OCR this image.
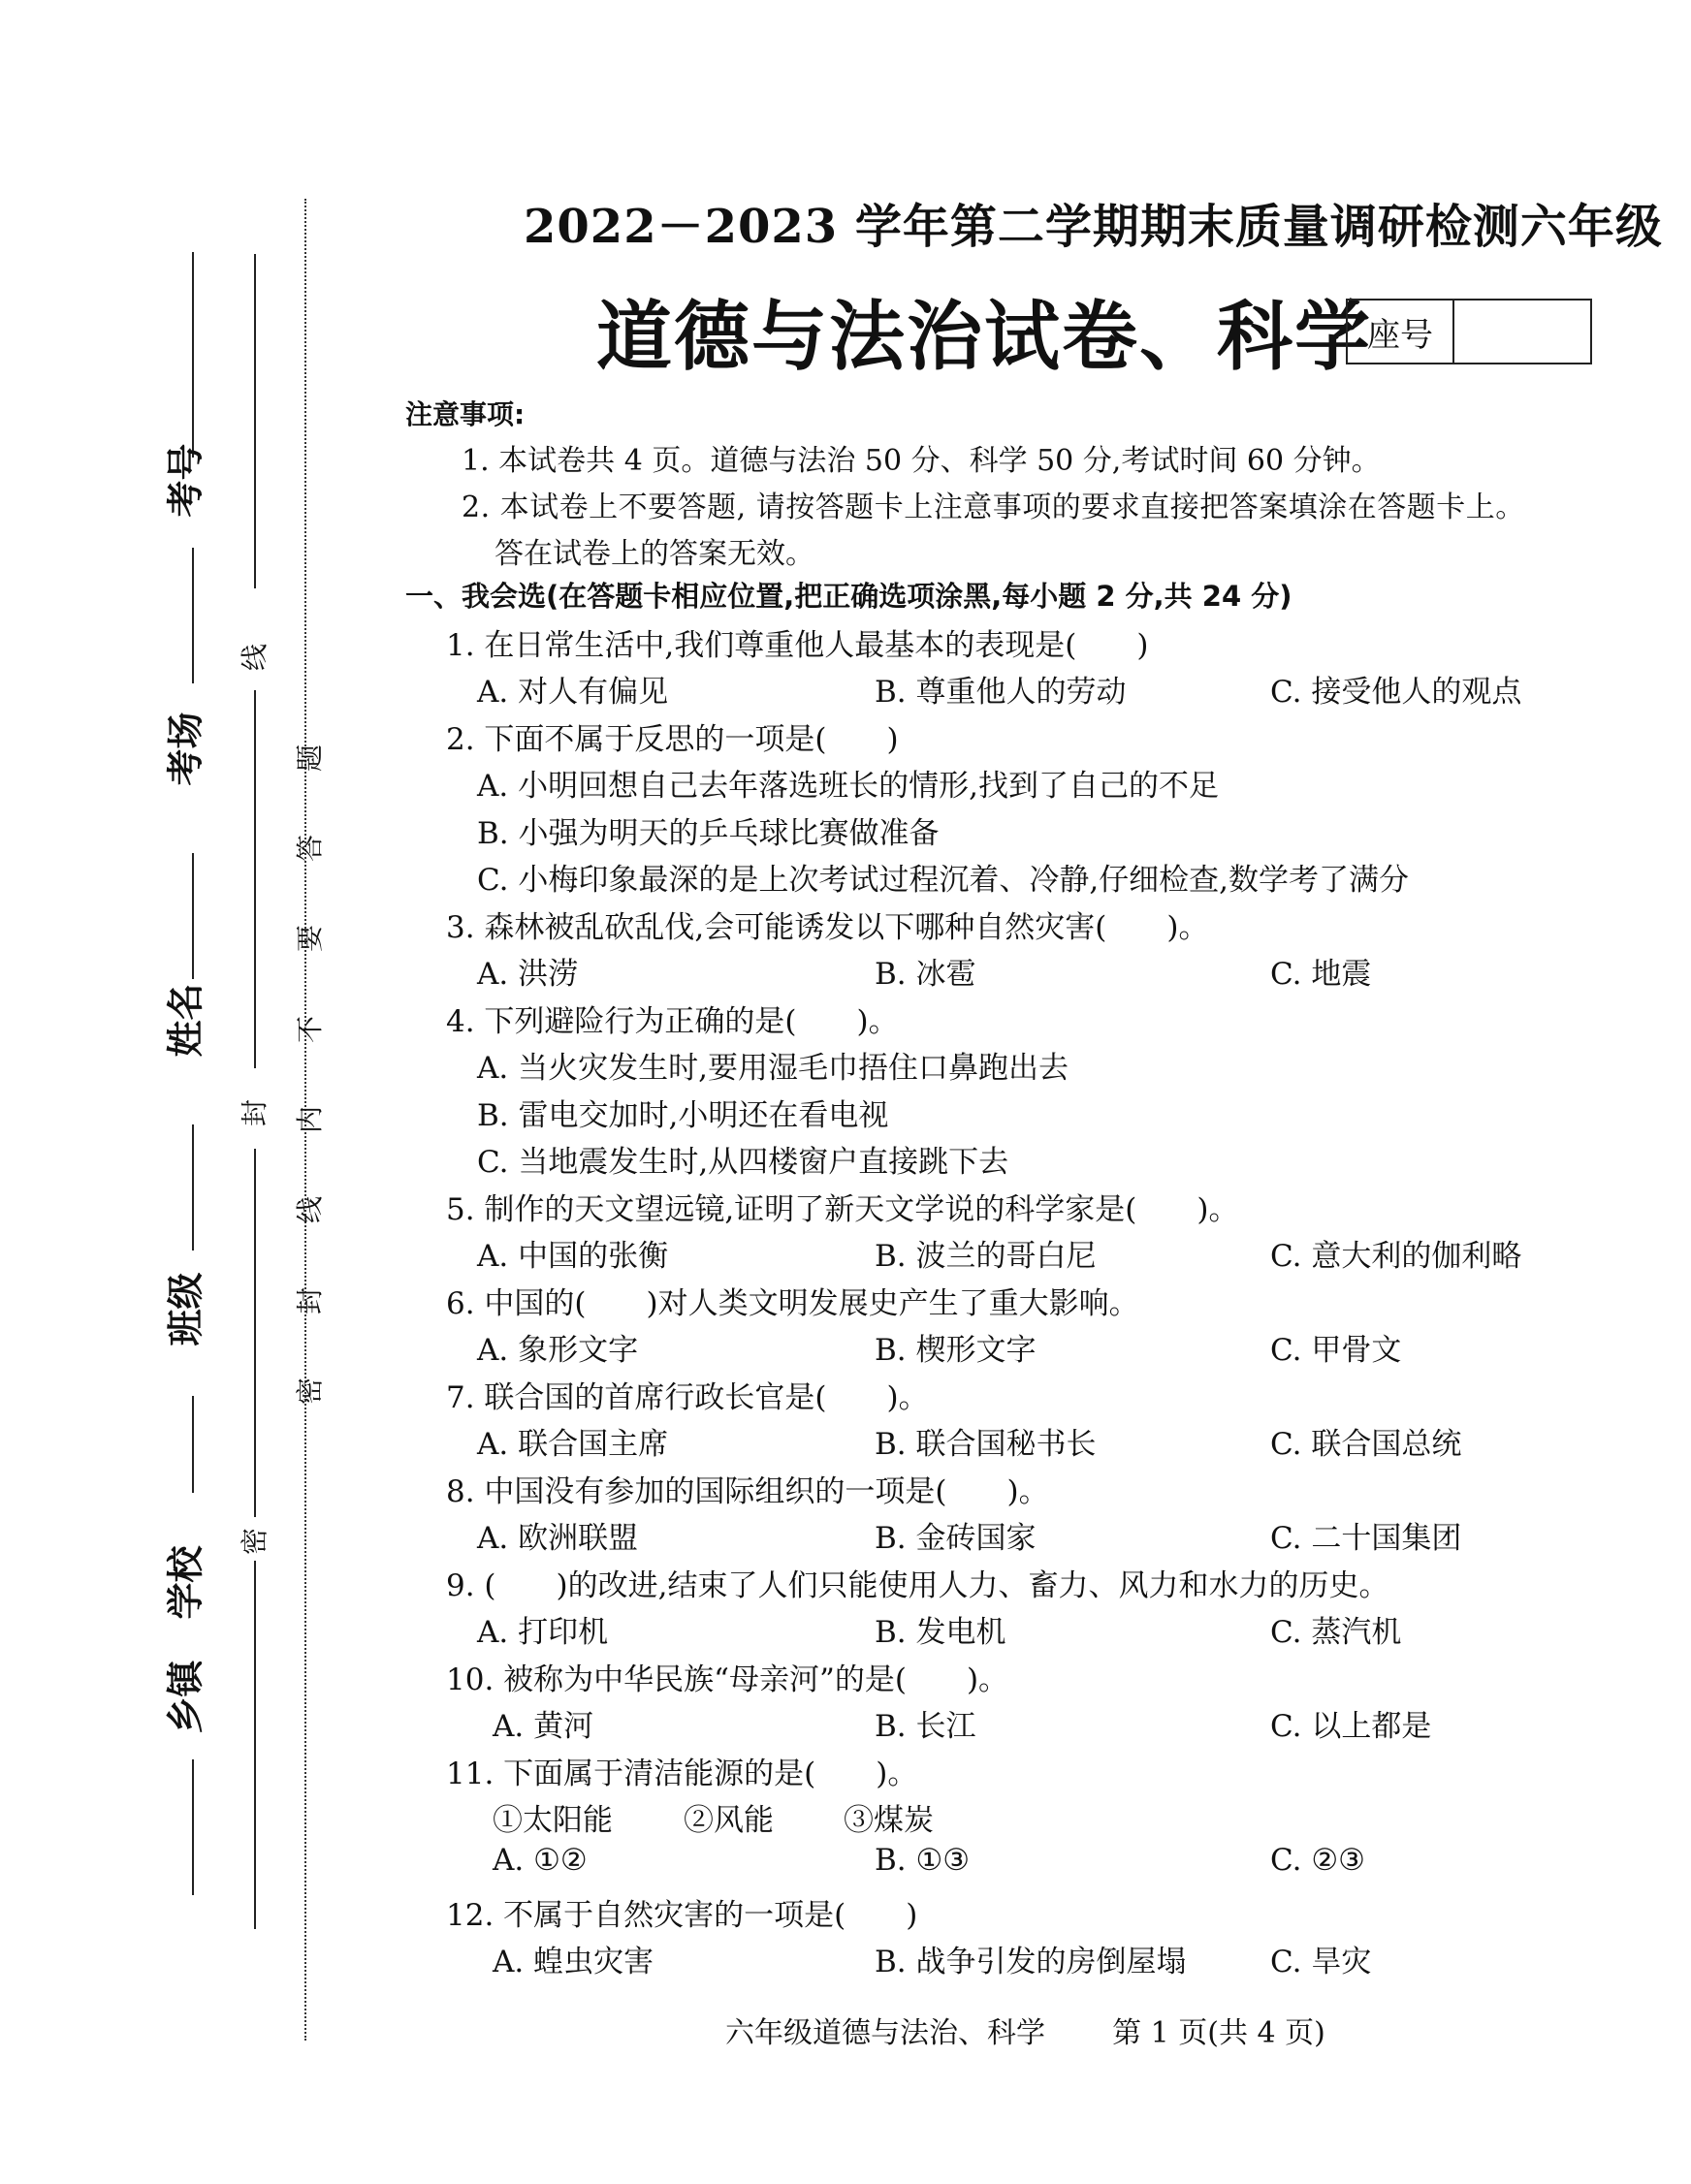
考号
考场
姓名
班级
学校
乡镇
线
封
密
题
答
要
不
内
线
封
密
2022－2023 学年第二学期期末质量调研检测六年级
道德与法治试卷、科学
座号
注意事项:
1. 本试卷共 4 页。道德与法治 50 分、科学 50 分,考试时间 60 分钟。
2. 本试卷上不要答题, 请按答题卡上注意事项的要求直接把答案填涂在答题卡上。
答在试卷上的答案无效。
一、我会选(在答题卡相应位置,把正确选项涂黑,每小题 2 分,共 24 分)
1. 在日常生活中,我们尊重他人最基本的表现是(　　)
A. 对人有偏见	B. 尊重他人的劳动	C. 接受他人的观点
2. 下面不属于反思的一项是(　　)
A. 小明回想自己去年落选班长的情形,找到了自己的不足
B. 小强为明天的乒乓球比赛做准备
C. 小梅印象最深的是上次考试过程沉着、冷静,仔细检查,数学考了满分
3. 森林被乱砍乱伐,会可能诱发以下哪种自然灾害(　　)。
A. 洪涝	B. 冰雹	C. 地震
4. 下列避险行为正确的是(　　)。
A. 当火灾发生时,要用湿毛巾捂住口鼻跑出去
B. 雷电交加时,小明还在看电视
C. 当地震发生时,从四楼窗户直接跳下去
5. 制作的天文望远镜,证明了新天文学说的科学家是(　　)。
A. 中国的张衡	B. 波兰的哥白尼	C. 意大利的伽利略
6. 中国的(　　)对人类文明发展史产生了重大影响。
A. 象形文字	B. 楔形文字	C. 甲骨文
7. 联合国的首席行政长官是(　　)。
A. 联合国主席	B. 联合国秘书长	C. 联合国总统
8. 中国没有参加的国际组织的一项是(　　)。
A. 欧洲联盟	B. 金砖国家	C. 二十国集团
9. (　　)的改进,结束了人们只能使用人力、畜力、风力和水力的历史。
A. 打印机	B. 发电机	C. 蒸汽机
10. 被称为中华民族“母亲河”的是(　　)。
A. 黄河	B. 长江	C. 以上都是
11. 下面属于清洁能源的是(　　)。
①太阳能 ②风能 ③煤炭
A. ①②	B. ①③	C. ②③
12. 不属于自然灾害的一项是(　　)
A. 蝗虫灾害	B. 战争引发的房倒屋塌	C. 旱灾
六年级道德与法治、科学 第 1 页(共 4 页)
